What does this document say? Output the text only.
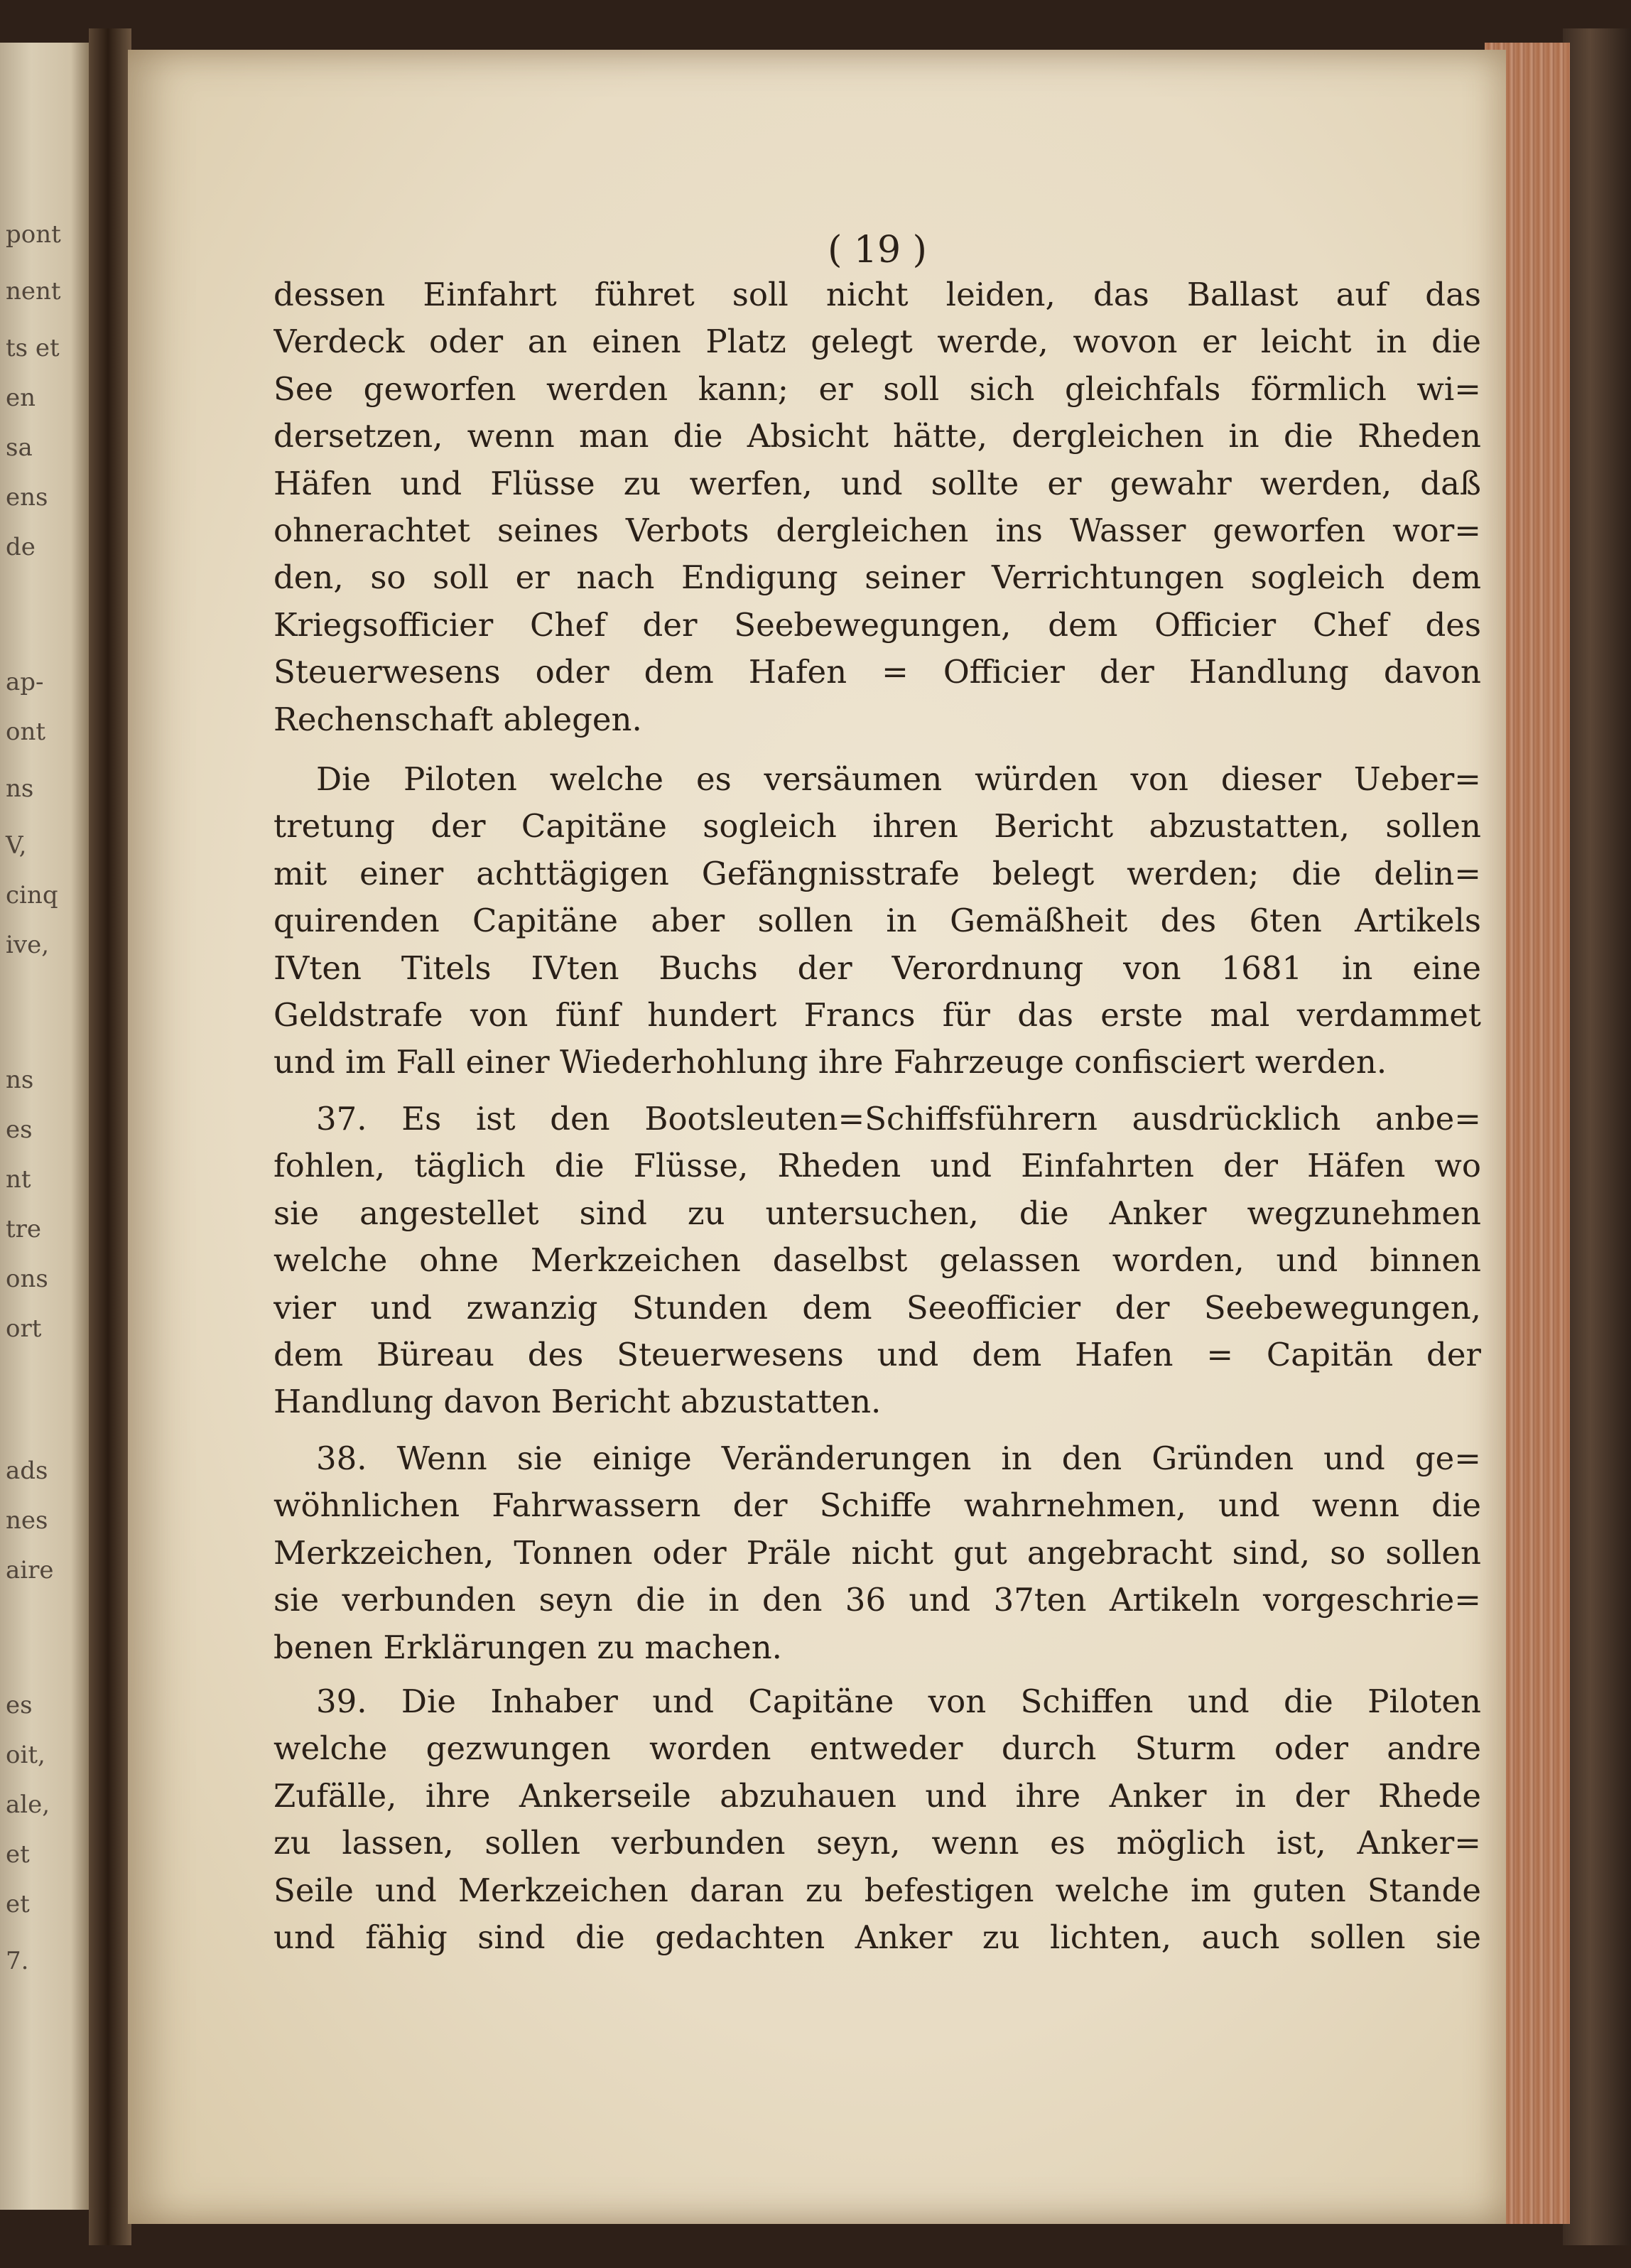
pont
nent
ts et
en
sa
ens
de
ap-
ont
ns
V,
cinq
ive,
ns
es
nt
tre
ons
ort
ads
nes
aire
es
oit,
ale,
et
et
7.
( 19 )
dessen Einfahrt führet soll nicht leiden, das Ballast auf das
Verdeck oder an einen Platz gelegt werde, wovon er leicht in die
See geworfen werden kann; er soll sich gleichfals förmlich wi=
dersetzen, wenn man die Absicht hätte, dergleichen in die Rheden
Häfen und Flüsse zu werfen, und sollte er gewahr werden, daß
ohnerachtet seines Verbots dergleichen ins Wasser geworfen wor=
den, so soll er nach Endigung seiner Verrichtungen sogleich dem
Kriegsofficier Chef der Seebewegungen, dem Officier Chef des
Steuerwesens oder dem Hafen = Officier der Handlung davon
Rechenschaft ablegen.
Die Piloten welche es versäumen würden von dieser Ueber=
tretung der Capitäne sogleich ihren Bericht abzustatten, sollen
mit einer achttägigen Gefängnisstrafe belegt werden; die delin=
quirenden Capitäne aber sollen in Gemäßheit des 6ten Artikels
IVten Titels IVten Buchs der Verordnung von 1681 in eine
Geldstrafe von fünf hundert Francs für das erste mal verdammet
und im Fall einer Wiederhohlung ihre Fahrzeuge confisciert werden.
37. Es ist den Bootsleuten=Schiffsführern ausdrücklich anbe=
fohlen, täglich die Flüsse, Rheden und Einfahrten der Häfen wo
sie angestellet sind zu untersuchen, die Anker wegzunehmen
welche ohne Merkzeichen daselbst gelassen worden, und binnen
vier und zwanzig Stunden dem Seeofficier der Seebewegungen,
dem Büreau des Steuerwesens und dem Hafen = Capitän der
Handlung davon Bericht abzustatten.
38. Wenn sie einige Veränderungen in den Gründen und ge=
wöhnlichen Fahrwassern der Schiffe wahrnehmen, und wenn die
Merkzeichen, Tonnen oder Präle nicht gut angebracht sind, so sollen
sie verbunden seyn die in den 36 und 37ten Artikeln vorgeschrie=
benen Erklärungen zu machen.
39. Die Inhaber und Capitäne von Schiffen und die Piloten
welche gezwungen worden entweder durch Sturm oder andre
Zufälle, ihre Ankerseile abzuhauen und ihre Anker in der Rhede
zu lassen, sollen verbunden seyn, wenn es möglich ist, Anker=
Seile und Merkzeichen daran zu befestigen welche im guten Stande
und fähig sind die gedachten Anker zu lichten, auch sollen sie
